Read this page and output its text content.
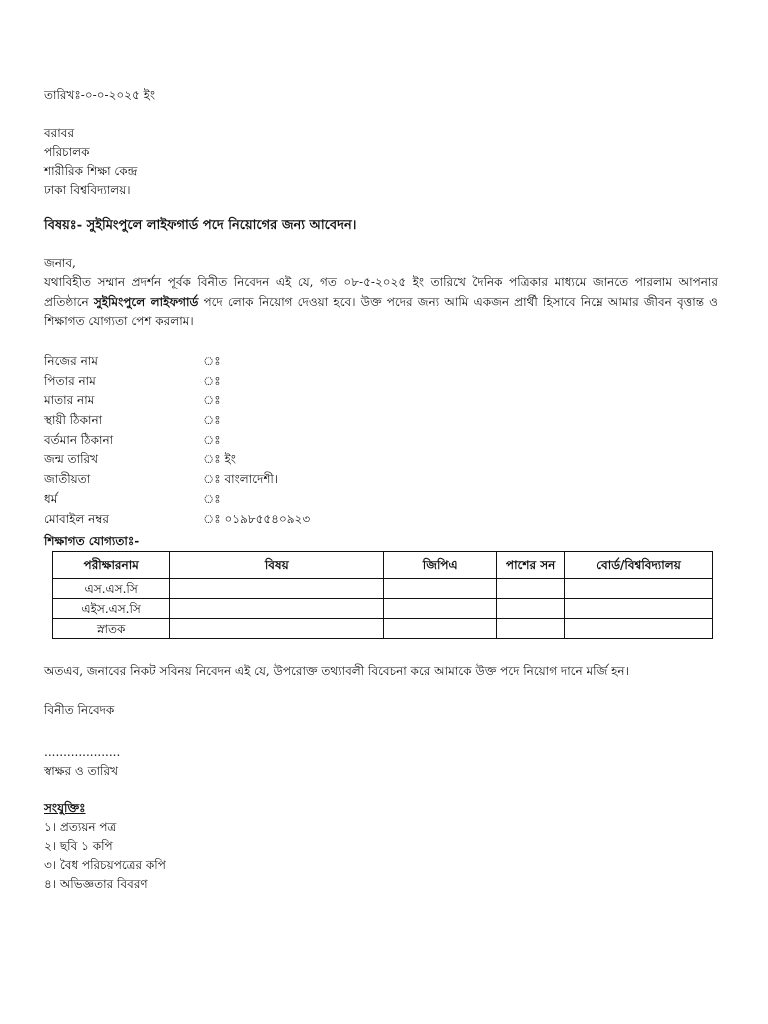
তারিখঃ-০-০-২০২৫ ইং
বরাবর
পরিচালক
শারীরিক শিক্ষা কেন্দ্র
ঢাকা বিশ্ববিদ্যালয়।
বিষয়ঃ- সুইমিংপুলে লাইফগার্ড পদে নিয়োগের জন্য আবেদন।
জনাব,
যথাবিহীত সম্মান প্রদর্শন পূর্বক বিনীত নিবেদন এই যে, গত ০৮-৫-২০২৫ ইং তারিখে দৈনিক পত্রিকার মাধ্যমে জানতে পারলাম আপনার প্রতিষ্ঠানে সুইমিংপুলে লাইফগার্ড পদে লোক নিয়োগ দেওয়া হবে। উক্ত পদের জন্য আমি একজন প্রার্থী হিসাবে নিম্নে আমার জীবন বৃত্তান্ত ও শিক্ষাগত যোগ্যতা পেশ করলাম।
নিজের নাম	ঃ
পিতার নাম	ঃ
মাতার নাম	ঃ
স্থায়ী ঠিকানা	ঃ
বর্তমান ঠিকানা	ঃ
জন্ম তারিখ	ঃ ইং
জাতীয়তা	ঃ বাংলাদেশী।
ধর্ম	ঃ
মোবাইল নম্বর	ঃ ০১৯৮৫৫৪০৯২৩
শিক্ষাগত যোগ্যতাঃ-
পরীক্ষারনাম	বিষয়	জিপিএ	পাশের সন	বোর্ড/বিশ্ববিদ্যালয়
এস.এস.সি				
এইস.এস.সি				
স্নাতক				
অতএব, জনাবের নিকট সবিনয় নিবেদন এই যে, উপরোক্ত তথ্যাবলী বিবেচনা করে আমাকে উক্ত পদে নিয়োগ দানে মর্জি হন।
বিনীত নিবেদক
....................
স্বাক্ষর ও তারিখ
সংযুক্তিঃ
১। প্রত্যয়ন পত্র
২। ছবি ১ কপি
৩। বৈধ পরিচয়পত্রের কপি
৪। অভিজ্ঞতার বিবরণ
